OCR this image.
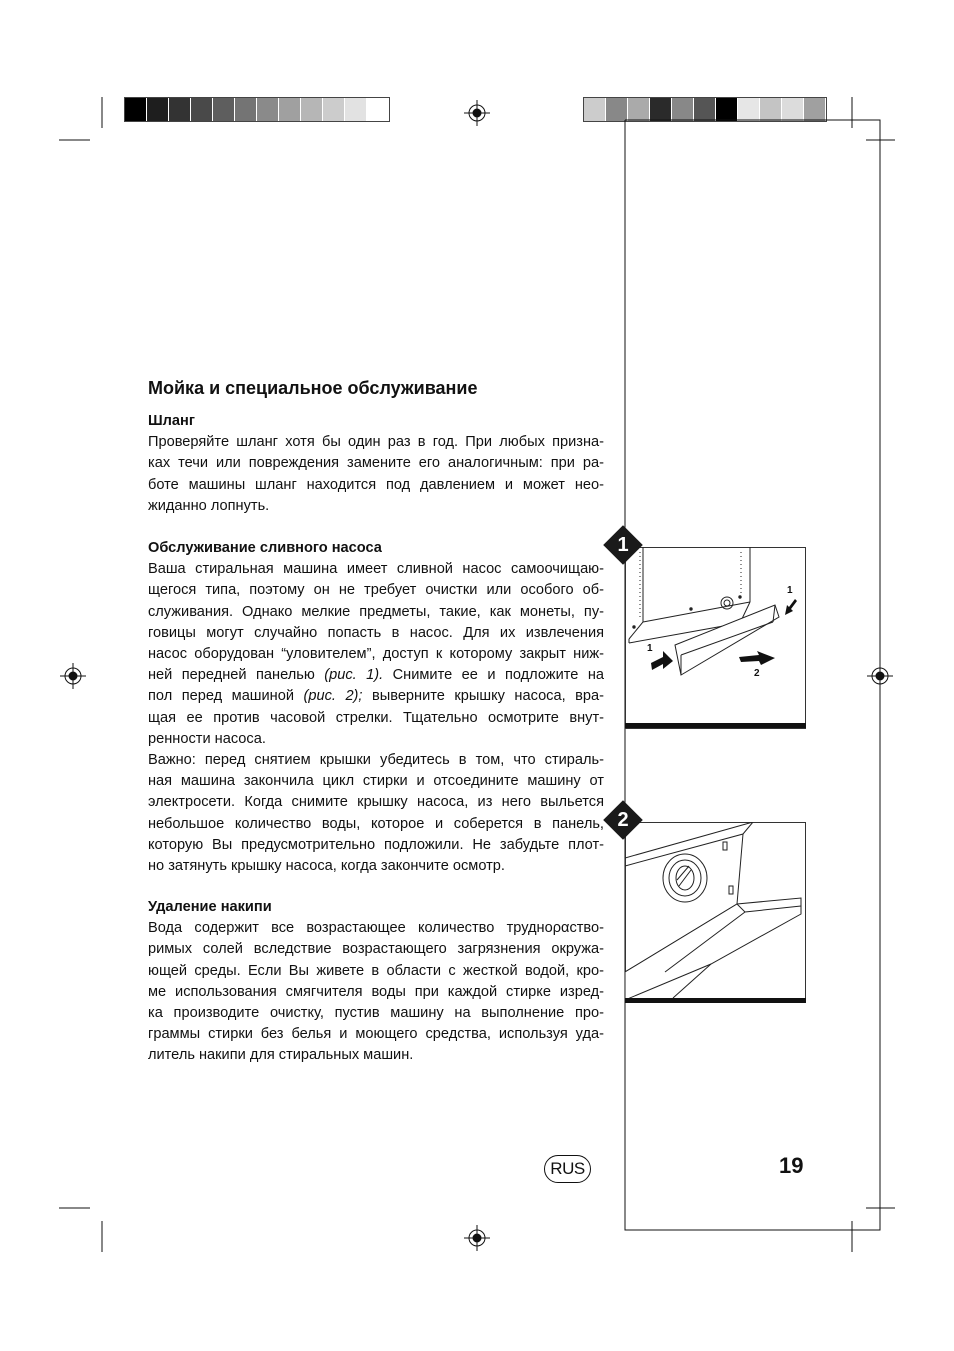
Мойка и специальное обслуживание
Шланг
Проверяйте шланг хотя бы один раз в год. При любых призна-
ках течи или повреждения замените его аналогичным: при ра-
боте машины шланг находится под давлением и может нео-
жиданно лопнуть.
Обслуживание сливного насоса
Ваша стиральная машина имеет сливной насос самоочищаю-
щегося типа, поэтому он не требует очистки или особого об-
служивания. Однако мелкие предметы, такие, как монеты, пу-
говицы могут случайно попасть в насос. Для их извлечения
насос оборудован “уловителем”, доступ к которому закрыт ниж-
ней передней панелью (рис. 1). Снимите ее и подложите на
пол перед машиной (рис. 2); выверните крышку насоса, вра-
щая ее против часовой стрелки. Тщательно осмотрите внут-
ренности насоса.
Важно: перед снятием крышки убедитесь в том, что стираль-
ная машина закончила цикл стирки и отсоедините машину от
электросети. Когда снимите крышку насоса, из него выльется
небольшое количество воды, которое и соберется в панель,
которую Вы предусмотрительно подложили. Не забудьте плот-
но затянуть крышку насоса, когда закончите осмотр.
Удаление накипи
Вода содержит все возрастающее количество трудноραство-
римых солей вследствие возрастающего загрязнения окружа-
ющей среды. Если Вы живете в области с жесткой водой, кро-
ме использования смягчителя воды при каждой стирке изред-
ка производите очистку, пустив машину на выполнение про-
граммы стирки без белья и моющего средства, используя уда-
литель накипи для стиральных машин.
1
1
2
1
2
RUS	19
